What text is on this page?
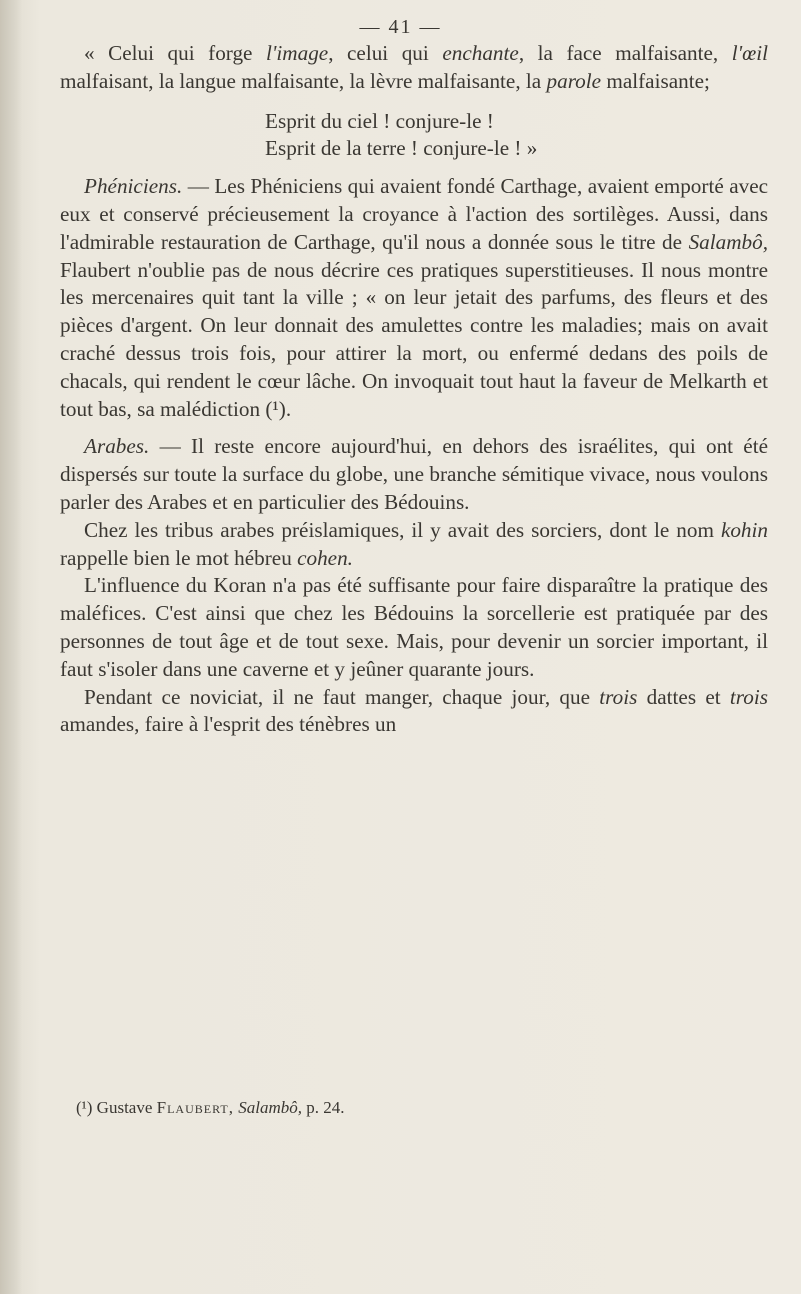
— 41 —

« Celui qui forge l'image, celui qui enchante, la face malfaisante, l'œil malfaisant, la langue malfaisante, la lèvre malfaisante, la parole malfaisante;

Esprit du ciel ! conjure-le !
Esprit de la terre ! conjure-le ! »

Phéniciens. — Les Phéniciens qui avaient fondé Carthage, avaient emporté avec eux et conservé précieusement la croyance à l'action des sortilèges. Aussi, dans l'admirable restauration de Carthage, qu'il nous a donnée sous le titre de Salambô, Flaubert n'oublie pas de nous décrire ces pratiques superstitieuses. Il nous montre les mercenaires quit tant la ville ; « on leur jetait des parfums, des fleurs et des pièces d'argent. On leur donnait des amulettes contre les maladies; mais on avait craché dessus trois fois, pour attirer la mort, ou enfermé dedans des poils de chacals, qui rendent le cœur lâche. On invoquait tout haut la faveur de Melkarth et tout bas, sa malédiction (¹).

Arabes. — Il reste encore aujourd'hui, en dehors des israélites, qui ont été dispersés sur toute la surface du globe, une branche sémitique vivace, nous voulons parler des Arabes et en particulier des Bédouins.

Chez les tribus arabes préislamiques, il y avait des sorciers, dont le nom kohin rappelle bien le mot hébreu cohen.

L'influence du Koran n'a pas été suffisante pour faire disparaître la pratique des maléfices. C'est ainsi que chez les Bédouins la sorcellerie est pratiquée par des personnes de tout âge et de tout sexe. Mais, pour devenir un sorcier important, il faut s'isoler dans une caverne et y jeûner quarante jours.

Pendant ce noviciat, il ne faut manger, chaque jour, que trois dattes et trois amandes, faire à l'esprit des ténèbres un

(¹) Gustave Flaubert, Salambô, p. 24.
